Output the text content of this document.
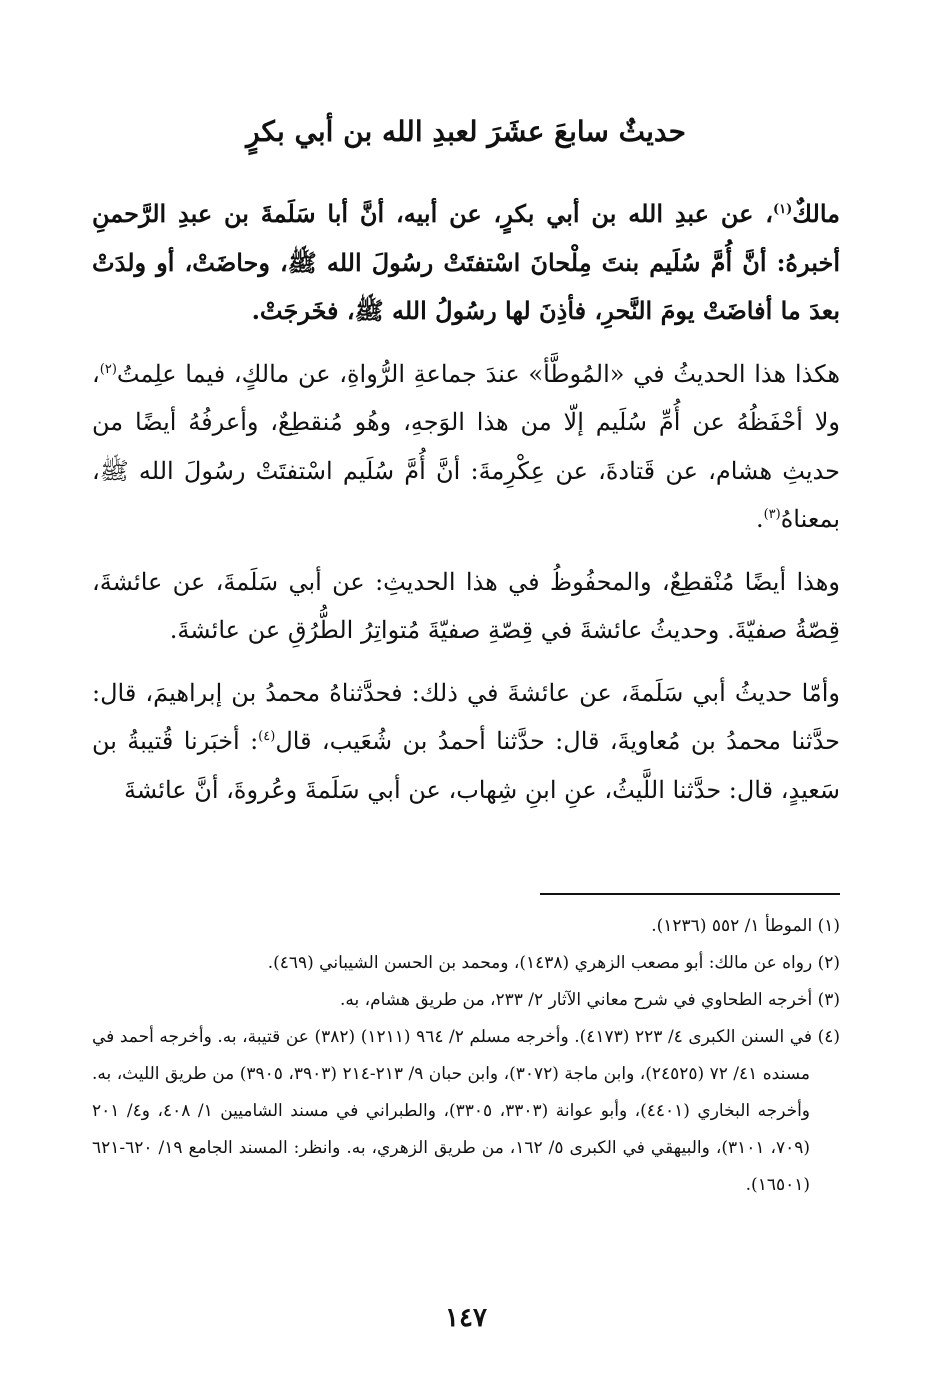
حديثٌ سابعَ عشَرَ لعبدِ الله بن أبي بكرٍ

مالكٌ$^{(١)}$، عن عبدِ الله بن أبي بكرٍ، عن أبيه، أنَّ أبا سَلَمةَ بن عبدِ الرَّحمنِ أخبرهُ: أنَّ أُمَّ سُلَيم بنتَ مِلْحانَ اسْتفتَتْ رسُولَ الله ﷺ، وحاضَتْ، أو ولدَتْ بعدَ ما أفاضَتْ يومَ النَّحرِ، فأذِنَ لها رسُولُ الله ﷺ، فخَرجَتْ.

هكذا هذا الحديثُ في «المُوطَّأ» عندَ جماعةِ الرُّواةِ، عن مالكٍ، فيما علِمتُ$^{(٢)}$، ولا أحْفَظُهُ عن أُمِّ سُلَيم إلّا من هذا الوَجهِ، وهُو مُنقطِعٌ، وأعرفُهُ أيضًا من حديثِ هشام، عن قَتادةَ، عن عِكْرِمةَ: أنَّ أُمَّ سُلَيم اسْتفتَتْ رسُولَ الله ﷺ، بمعناهُ$^{(٣)}$.

وهذا أيضًا مُنْقطِعٌ، والمحفُوظُ في هذا الحديثِ: عن أبي سَلَمةَ، عن عائشةَ، قِصّةُ صفيّةَ. وحديثُ عائشةَ في قِصّةِ صفيّةَ مُتواتِرُ الطُّرُقِ عن عائشةَ.

وأمّا حديثُ أبي سَلَمةَ، عن عائشةَ في ذلك: فحدَّثناهُ محمدُ بن إبراهيمَ، قال: حدَّثنا محمدُ بن مُعاويةَ، قال: حدَّثنا أحمدُ بن شُعَيب، قال$^{(٤)}$: أخبَرنا قُتيبةُ بن سَعيدٍ، قال: حدَّثنا اللَّيثُ، عنِ ابنِ شِهاب، عن أبي سَلَمةَ وعُروةَ، أنَّ عائشةَ

(١) الموطأ ١/ ٥٥٢ (١٢٣٦).
(٢) رواه عن مالك: أبو مصعب الزهري (١٤٣٨)، ومحمد بن الحسن الشيباني (٤٦٩).
(٣) أخرجه الطحاوي في شرح معاني الآثار ٢/ ٢٣٣، من طريق هشام، به.
(٤) في السنن الكبرى ٤/ ٢٢٣ (٤١٧٣). وأخرجه مسلم ٢/ ٩٦٤ (١٢١١) (٣٨٢) عن قتيبة، به. وأخرجه أحمد في مسنده ٤١/ ٧٢ (٢٤٥٢٥)، وابن ماجة (٣٠٧٢)، وابن حبان ٩/ ٢١٣-٢١٤ (٣٩٠٣، ٣٩٠٥) من طريق الليث، به. وأخرجه البخاري (٤٤٠١)، وأبو عوانة (٣٣٠٣، ٣٣٠٥)، والطبراني في مسند الشاميين ١/ ٤٠٨، و٤/ ٢٠١ (٧٠٩، ٣١٠١)، والبيهقي في الكبرى ٥/ ١٦٢، من طريق الزهري، به. وانظر: المسند الجامع ١٩/ ٦٢٠-٦٢١ (١٦٥٠١).
١٤٧
